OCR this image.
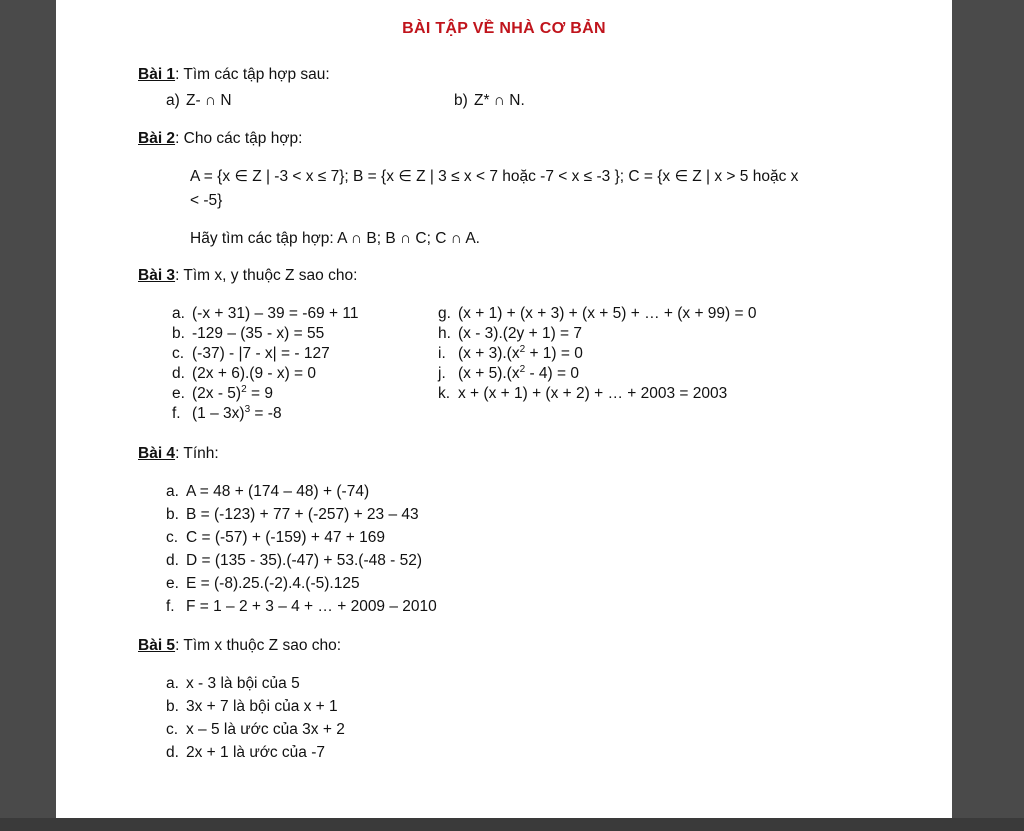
BÀI TẬP VỀ NHÀ CƠ BẢN
Bài 1: Tìm các tập hợp sau:
a) Z- ∩ N	b) Z* ∩ N.
Bài 2: Cho các tập hợp:
A = {x ∈ Z | -3 < x ≤ 7}; B = {x ∈ Z | 3 ≤ x < 7 hoặc -7 < x ≤ -3 }; C = {x ∈ Z | x > 5 hoặc x
< -5}
Hãy tìm các tập hợp: A ∩ B; B ∩ C; C ∩ A.
Bài 3: Tìm x, y thuộc Z sao cho:
a. (-x + 31) – 39 = -69 + 11
b. -129 – (35 - x) = 55
c. (-37) - |7 - x| = - 127
d. (2x + 6).(9 - x) = 0
e. (2x - 5)$^2$ = 9
f. (1 – 3x)$^3$ = -8
g. (x + 1) + (x + 3) + (x + 5) + … + (x + 99) = 0
h. (x - 3).(2y + 1) = 7
i. $(x + 3).(x^2 + 1) = 0$
j. $(x + 5).(x^2 - 4) = 0$
k. x + (x + 1) + (x + 2) + … + 2003 = 2003
Bài 4: Tính:
a. A = 48 + (174 – 48) + (-74)
b. B = (-123) + 77 + (-257) + 23 – 43
c. C = (-57) + (-159) + 47 + 169
d. D = (135 - 35).(-47) + 53.(-48 - 52)
e. E = (-8).25.(-2).4.(-5).125
f. F = 1 – 2 + 3 – 4 + … + 2009 – 2010
Bài 5: Tìm x thuộc Z sao cho:
a. x - 3 là bội của 5
b. 3x + 7 là bội của x + 1
c. x – 5 là ước của 3x + 2
d. 2x + 1 là ước của -7
